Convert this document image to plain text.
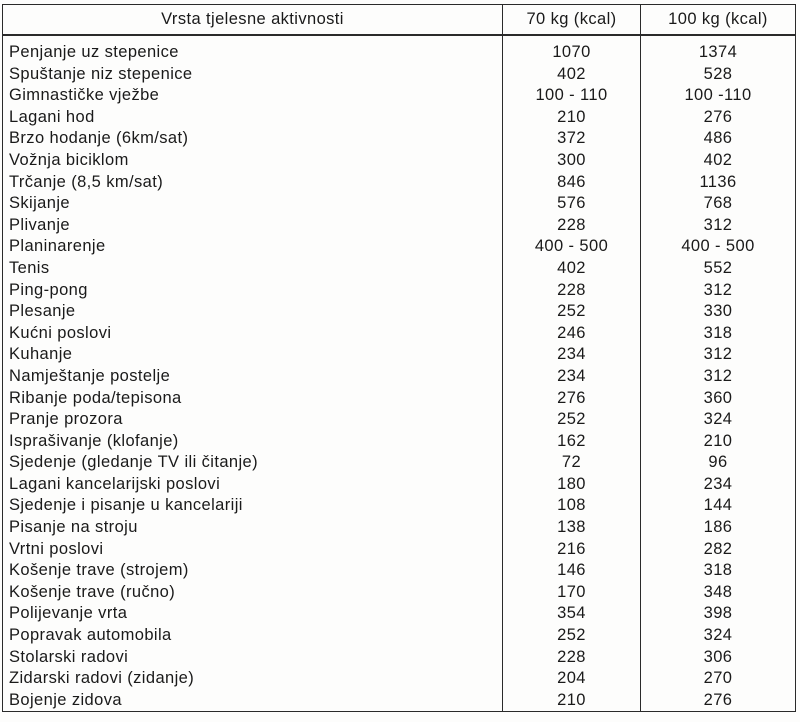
Vrsta tjelesne aktivnosti	70 kg (kcal)	100 kg (kcal)
Penjanje uz stepenice	1070	1374
Spuštanje niz stepenice	402	528
Gimnastičke vježbe	100 - 110	100 -110
Lagani hod	210	276
Brzo hodanje (6km/sat)	372	486
Vožnja biciklom	300	402
Trčanje (8,5 km/sat)	846	1136
Skijanje	576	768
Plivanje	228	312
Planinarenje	400 - 500	400 - 500
Tenis	402	552
Ping-pong	228	312
Plesanje	252	330
Kućni poslovi	246	318
Kuhanje	234	312
Namještanje postelje	234	312
Ribanje poda/tepisona	276	360
Pranje prozora	252	324
Isprašivanje (klofanje)	162	210
Sjedenje (gledanje TV ili čitanje)	72	96
Lagani kancelarijski poslovi	180	234
Sjedenje i pisanje u kancelariji	108	144
Pisanje na stroju	138	186
Vrtni poslovi	216	282
Košenje trave (strojem)	146	318
Košenje trave (ručno)	170	348
Polijevanje vrta	354	398
Popravak automobila	252	324
Stolarski radovi	228	306
Zidarski radovi (zidanje)	204	270
Bojenje zidova	210	276
